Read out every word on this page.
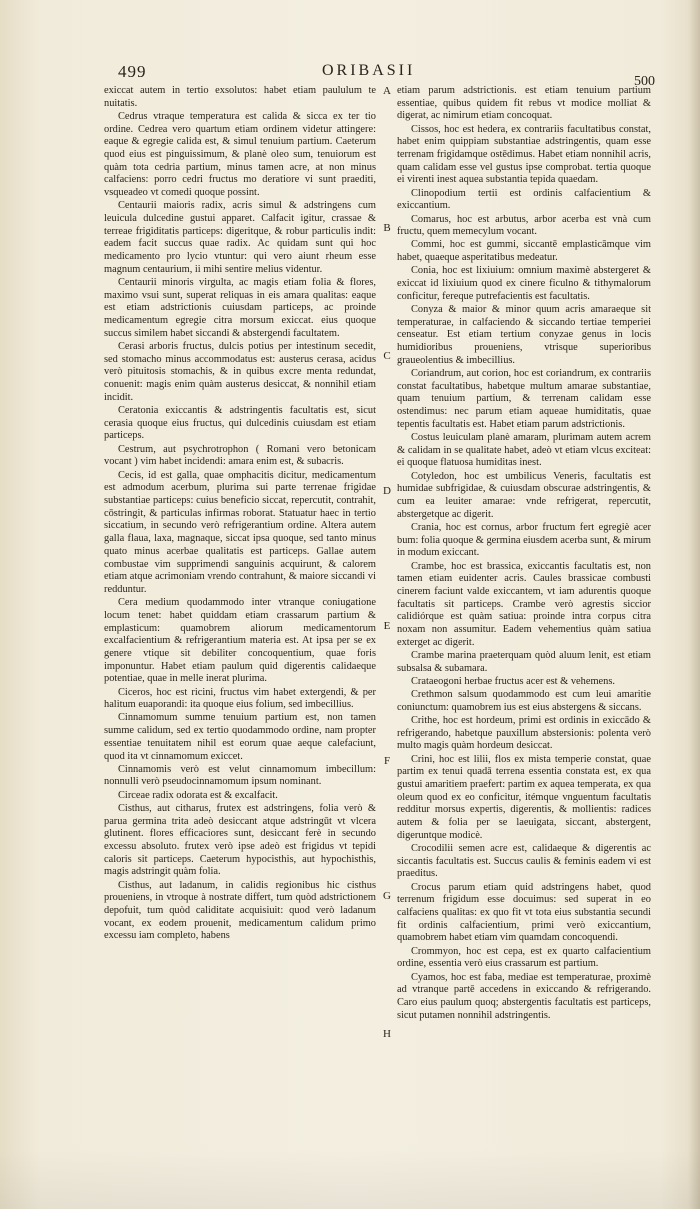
499	ORIBASII
500

exiccat autem in tertio exsolutos: habet etiam paululum te nuitatis.

Cedrus vtraque temperatura est calida & sicca ex ter tio ordine. Cedrea vero quartum etiam ordinem videtur attingere: eaque & egregie calida est, & simul tenuium partium. Caeterum quod eius est pinguissimum, & planè oleo sum, tenuiorum est quàm tota cedria partium, minus tamen acre, at non minus calfaciens: porro cedri fructus mo deratiore vi sunt praediti, vsqueadeo vt comedi quoque possint.

Centaurii maioris radix, acris simul & adstringens cum leuicula dulcedine gustui apparet. Calfacit igitur, crassae & terreae frigiditatis particeps: digeritque, & robur particulis indit: eadem facit succus quae radix. Ac quidam sunt qui hoc medicamento pro lycio vtuntur: qui vero aiunt rheum esse magnum centaurium, ii mihi sentire melius videntur.

Centaurii minoris virgulta, ac magis etiam folia & flores, maximo vsui sunt, superat reliquas in eis amara qualitas: eaque est etiam adstrictionis cuiusdam particeps, ac proinde medicamentum egregie citra morsum exiccat. eius quoque succus similem habet siccandi & abstergendi facultatem.

Cerasi arboris fructus, dulcis potius per intestinum secedit, sed stomacho minus accommodatus est: austerus cerasa, acidus verò pituitosis stomachis, & in quibus excre menta redundat, conuenit: magis enim quàm austerus desiccat, & nonnihil etiam incidit.

Ceratonia exiccantis & adstringentis facultatis est, sicut cerasia quoque eius fructus, qui dulcedinis cuiusdam est etiam particeps.

Cestrum, aut psychrotrophon ( Romani vero betonicam vocant ) vim habet incidendi: amara enim est, & subacris.

Cecis, id est galla, quae omphacitis dicitur, medicamentum est admodum acerbum, plurima sui parte terrenae frigidae substantiae particeps: cuius beneficio siccat, repercutit, contrahit, cōstringit, & particulas infirmas roborat. Statuatur haec in tertio siccatium, in secundo verò refrigerantium ordine. Altera autem galla flaua, laxa, magnaque, siccat ipsa quoque, sed tanto minus quato minus acerbae qualitatis est particeps. Gallae autem combustae vim supprimendi sanguinis acquirunt, & calorem etiam atque acrimoniam vrendo contrahunt, & maiore siccandi vi redduntur.

Cera medium quodammodo inter vtranque coniugatione locum tenet: habet quiddam etiam crassarum partium & emplasticum: quamobrem aliorum medicamentorum excalfacientium & refrigerantium materia est. At ipsa per se ex genere vtique sit debiliter concoquentium, quae foris imponuntur. Habet etiam paulum quid digerentis calidaeque potentiae, quae in melle inerat plurima.

Ciceros, hoc est ricini, fructus vim habet extergendi, & per halitum euaporandi: ita quoque eius folium, sed imbecillius.

Cinnamomum summe tenuium partium est, non tamen summe calidum, sed ex tertio quodammodo ordine, nam propter essentiae tenuitatem nihil est eorum quae aeque calefaciunt, quod ita vt cinnamomum exiccet.

Cinnamomis verò est velut cinnamomum imbecillum: nonnulli verò pseudocinnamomum ipsum nominant.

Circeae radix odorata est & excalfacit.

Cisthus, aut citharus, frutex est adstringens, folia verò & parua germina trita adeò desiccant atque adstringūt vt vlcera glutinent. flores efficaciores sunt, desiccant ferè in secundo excessu absoluto. frutex verò ipse adeò est frigidus vt tepidi caloris sit particeps. Caeterum hypocisthis, aut hypochisthis, magis adstringit quàm folia.

Cisthus, aut ladanum, in calidis regionibus hic cisthus proueniens, in vtroque à nostrate differt, tum quòd adstrictionem depofuit, tum quòd caliditate acquisiuit: quod verò ladanum vocant, ex eodem prouenit, medicamentum calidum primo excessu iam completo, habens

A
B
C
D
E
F
G
H

etiam parum adstrictionis. est etiam tenuium partium essentiae, quibus quidem fit rebus vt modice molliat & digerat, ac nimirum etiam concoquat.

Cissos, hoc est hedera, ex contrariis facultatibus constat, habet enim quippiam substantiae adstringentis, quam esse terrenam frigidamque ostēdimus. Habet etiam nonnihil acris, quam calidam esse vel gustus ipse comprobat. tertia quoque ei virenti inest aquea substantia tepida quaedam.

Clinopodium tertii est ordinis calfacientium & exiccantium.

Comarus, hoc est arbutus, arbor acerba est vnà cum fructu, quem memecylum vocant.

Commi, hoc est gummi, siccantē emplasticāmque vim habet, quaeque asperitatibus medeatur.

Conia, hoc est lixiuium: omnium maximè abstergeret & exiccat id lixiuium quod ex cinere ficulno & tithymalorum conficitur, fereque putrefacientis est facultatis.

Conyza & maior & minor quum acris amaraeque sit temperaturae, in calfaciendo & siccando tertiae temperiei censeatur. Est etiam tertium conyzae genus in locis humidioribus proueniens, vtrisque superioribus graueolentius & imbecillius.

Coriandrum, aut corion, hoc est coriandrum, ex contrariis constat facultatibus, habetque multum amarae substantiae, quam tenuium partium, & terrenam calidam esse ostendimus: nec parum etiam aqueae humiditatis, quae tepentis facultatis est. Habet etiam parum adstrictionis.

Costus leuiculam planè amaram, plurimam autem acrem & calidam in se qualitate habet, adeò vt etiam vlcus exciteat: ei quoque flatuosa humiditas inest.

Cotyledon, hoc est umbilicus Veneris, facultatis est humidae subfrigidae, & cuiusdam obscurae adstringentis, & cum ea leuiter amarae: vnde refrigerat, repercutit, abstergetque ac digerit.

Crania, hoc est cornus, arbor fructum fert egregiè acer bum: folia quoque & germina eiusdem acerba sunt, & mirum in modum exiccant.

Crambe, hoc est brassica, exiccantis facultatis est, non tamen etiam euidenter acris. Caules brassicae combusti cinerem faciunt valde exiccantem, vt iam adurentis quoque facultatis sit particeps. Crambe verò agrestis siccior calidiórque est quàm satiua: proinde intra corpus citra noxam non assumitur. Eadem vehementius quàm satiua exterget ac digerit.

Crambe marina praeterquam quòd aluum lenit, est etiam subsalsa & subamara.

Crataeogoni herbae fructus acer est & vehemens.

Crethmon salsum quodammodo est cum leui amaritie coniunctum: quamobrem ius est eius abstergens & siccans.

Crithe, hoc est hordeum, primi est ordinis in exiccādo & refrigerando, habetque pauxillum abstersionis: polenta verò multo magis quàm hordeum desiccat.

Crini, hoc est lilii, flos ex mista temperie constat, quae partim ex tenui quadā terrena essentia constata est, ex qua gustui amaritiem praefert: partim ex aquea temperata, ex qua oleum quod ex eo conficitur, itémque vnguentum facultatis redditur morsus expertis, digerentis, & mollientis: radices autem & folia per se laeuigata, siccant, abstergent, digeruntque modicè.

Crocodilii semen acre est, calidaeque & digerentis ac siccantis facultatis est. Succus caulis & feminis eadem vi est praeditus.

Crocus parum etiam quid adstringens habet, quod terrenum frigidum esse docuimus: sed superat in eo calfaciens qualitas: ex quo fit vt tota eius substantia secundi fit ordinis calfacientium, primi verò exiccantium, quamobrem habet etiam vim quamdam concoquendi.

Crommyon, hoc est cepa, est ex quarto calfacientium ordine, essentia verò eius crassarum est partium.

Cyamos, hoc est faba, mediae est temperaturae, proximè ad vtranque partē accedens in exiccando & refrigerando. Caro eius paulum quoq; abstergentis facultatis est particeps, sicut putamen nonnihil adstringentis.
